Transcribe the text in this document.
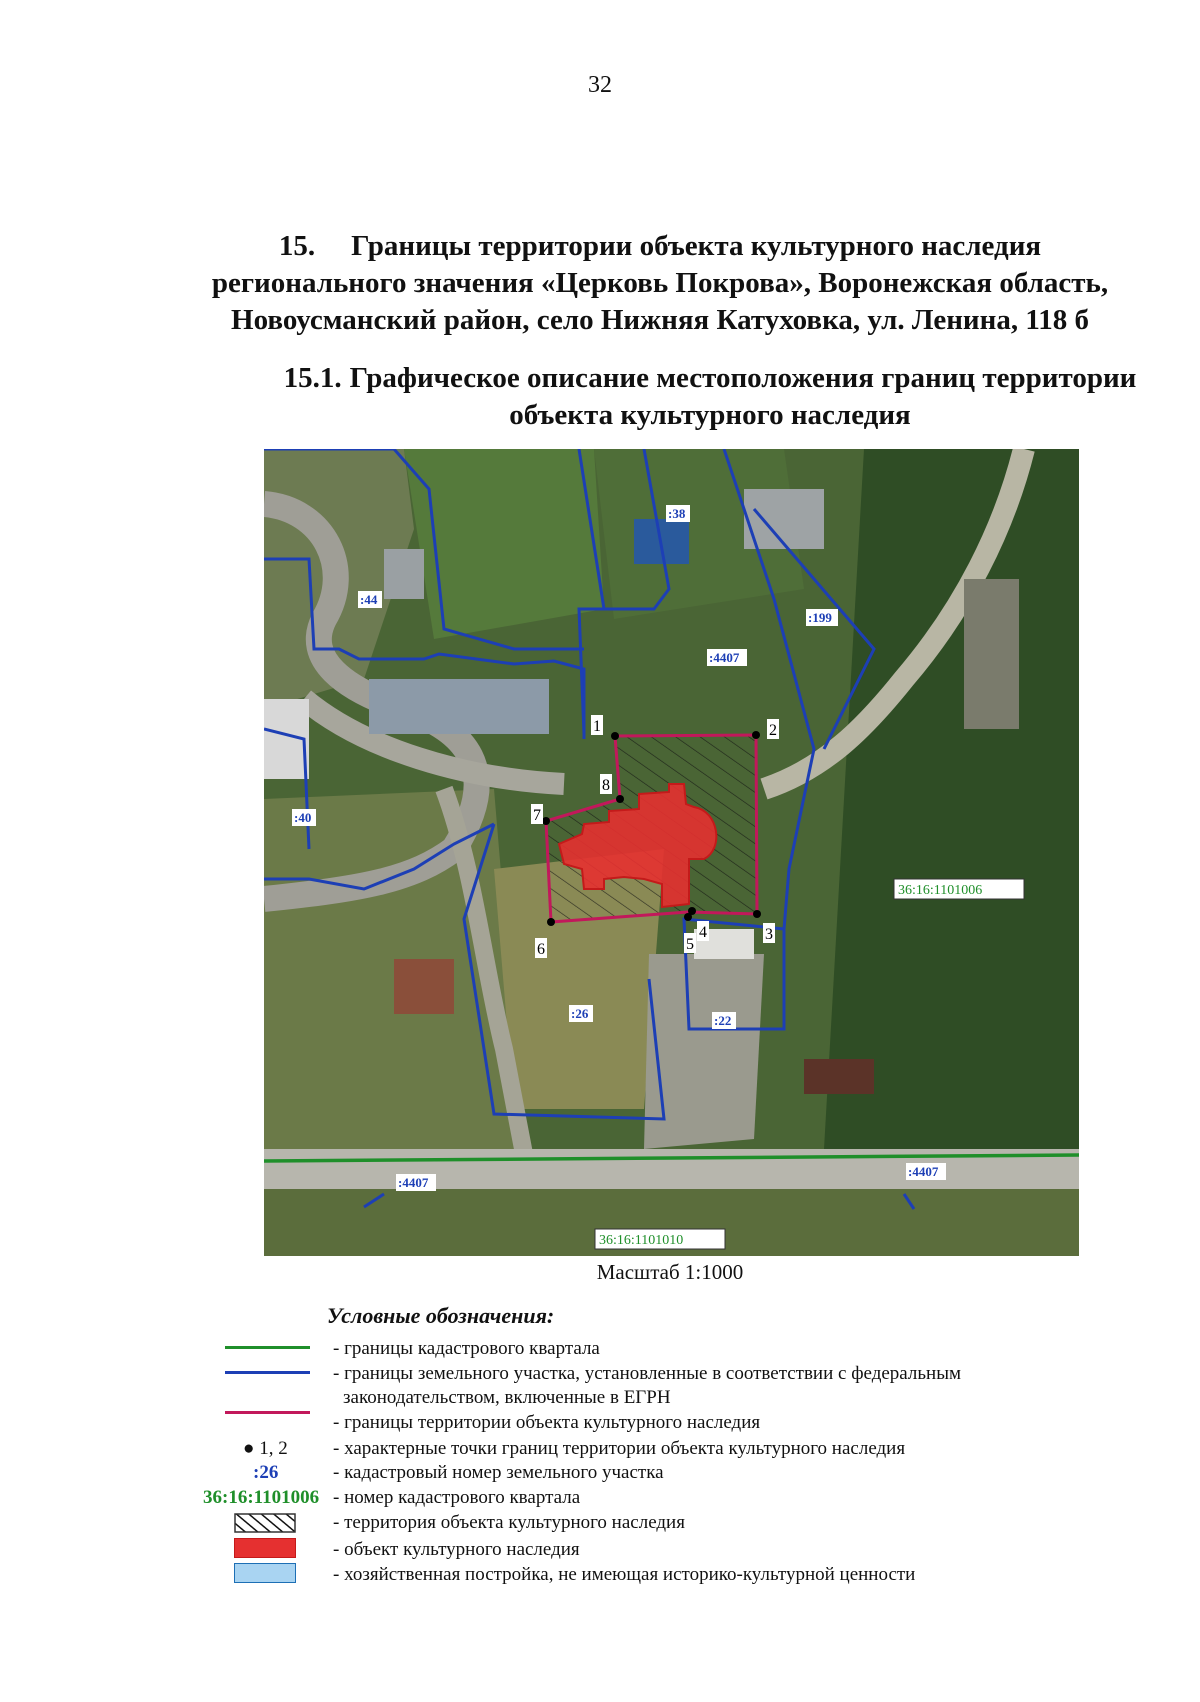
32
15. Границы территории объекта культурного наследия
регионального значения «Церковь Покрова», Воронежская область,
Новоусманский район, село Нижняя Катуховка, ул. Ленина, 118 б
15.1. Графическое описание местоположения границ территории
объекта культурного наследия
1	2
3
4
5
6
7
8
:38
:44
:199
:4407
:40
:26	:22
:4407
:4407
36:16:1101006
36:16:1101010
Масштаб 1:1000
Условные обозначения:
- границы кадастрового квартала
- границы земельного участка, установленные в соответствии с федеральным
законодательством, включенные в ЕГРН
- границы территории объекта культурного наследия
● 1, 2 - характерные точки границ территории объекта культурного наследия
:26	- кадастровый номер земельного участка
36:16:1101006 - номер кадастрового квартала
- территория объекта культурного наследия
- объект культурного наследия
- хозяйственная постройка, не имеющая историко-культурной ценности
